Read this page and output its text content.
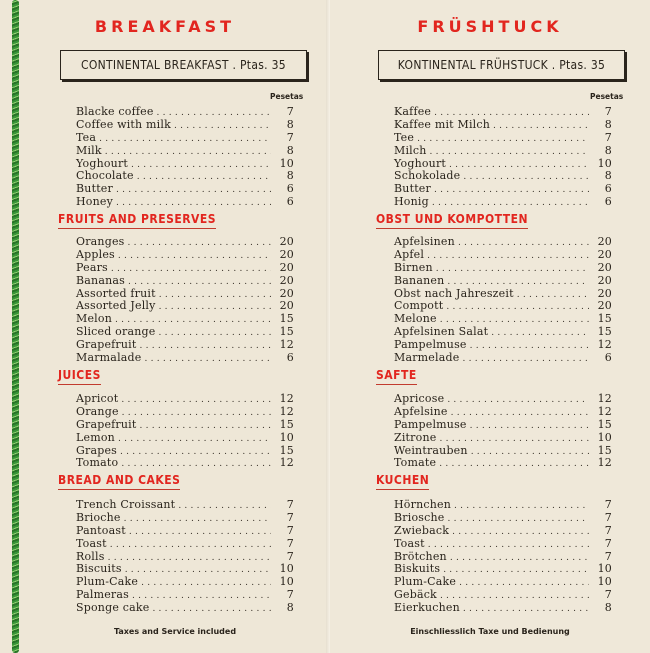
BREAKFAST
CONTINENTAL BREAKFAST . Ptas. 35
Pesetas
Blacke coffee . . .	7
Coffee with milk . . .	8
Tea . . .	7
Milk . . .	8
Yoghourt . . .	10
Chocolate . . .	8
Butter . . .	6
Honey . . .	6
FRUITS AND PRESERVES
Oranges . . .	20
Apples . . .	20
Pears . . .	20
Bananas . . .	20
Assorted fruit . . .	20
Assorted Jelly . . .	20
Melon . . .	15
Sliced orange . . .	15
Grapefruit . . .	12
Marmalade . . .	6
JUICES
Apricot . . .	12
Orange . . .	12
Grapefruit . . .	15
Lemon . . .	10
Grapes . . .	15
Tomato . . .	12
BREAD AND CAKES
Trench Croissant . . .	7
Brioche . . .	7
Pantoast . . .	7
Toast . . .	7
Rolls . . .	7
Biscuits . . .	10
Plum-Cake . . .	10
Palmeras . . .	7
Sponge cake . . .	8
Taxes and Service included
FRÜSHTUCK
KONTINENTAL FRÜHSTUCK . Ptas. 35
Pesetas
Kaffee . . .	7
Kaffee mit Milch . . .	8
Tee . . .	7
Milch . . .	8
Yoghourt . . .	10
Schokolade . . .	8
Butter . . .	6
Honig . . .	6
OBST UND KOMPOTTEN
Apfelsinen . . .	20
Apfel . . .	20
Birnen . . .	20
Bananen . . .	20
Obst nach Jahreszeit . . .	20
Compott . . .	20
Melone . . .	15
Apfelsinen Salat . . .	15
Pampelmuse . . .	12
Marmelade . . .	6
SAFTE
Apricose . . .	12
Apfelsine . . .	12
Pampelmuse . . .	15
Zitrone . . .	10
Weintrauben . . .	15
Tomate . . .	12
KUCHEN
Hörnchen . . .	7
Briosche . . .	7
Zwieback . . .	7
Toast . . .	7
Brötchen . . .	7
Biskuits . . .	10
Plum-Cake . . .	10
Gebäck . . .	7
Eierkuchen . . .	8
Einschliesslich Taxe und Bedienung
